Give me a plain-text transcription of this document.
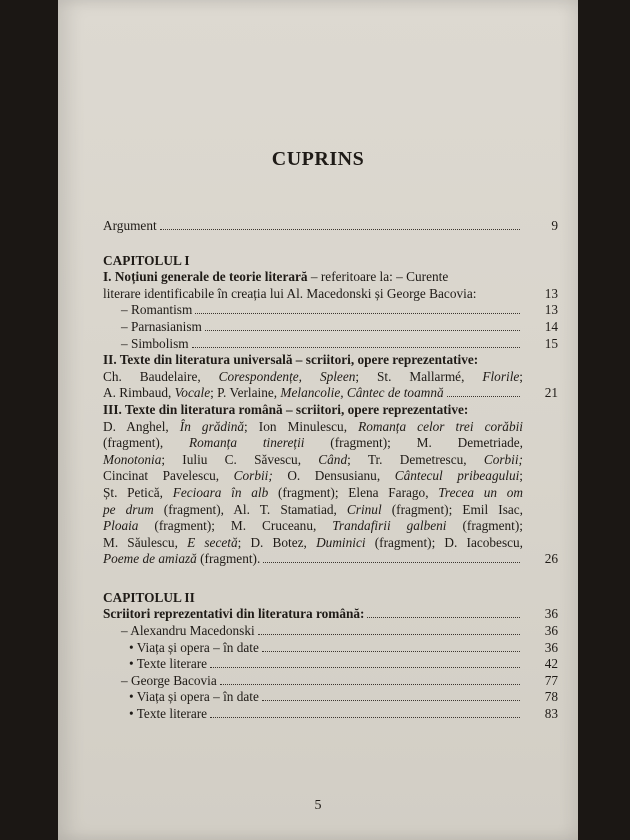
CUPRINS
Argument	9
CAPITOLUL I
I. Noțiuni generale de teorie literară – referitoare la: – Curente
literare identificabile în creația lui Al. Macedonski și George Bacovia:	13
– Romantism	13
– Parnasianism	14
– Simbolism	15
II. Texte din literatura universală – scriitori, opere reprezentative:
Ch. Baudelaire, Corespondențe, Spleen; St. Mallarmé, Florile;
A. Rimbaud, Vocale; P. Verlaine, Melancolie, Cântec de toamnă	21
III. Texte din literatura română – scriitori, opere reprezentative:
D. Anghel, În grădină; Ion Minulescu, Romanța celor trei corăbii
(fragment), Romanța tinereții (fragment); M. Demetriade,
Monotonia; Iuliu C. Săvescu, Când; Tr. Demetrescu, Corbii;
Cincinat Pavelescu, Corbii; O. Densusianu, Cântecul pribeagului;
Șt. Petică, Fecioara în alb (fragment); Elena Farago, Trecea un om
pe drum (fragment), Al. T. Stamatiad, Crinul (fragment); Emil Isac,
Ploaia (fragment); M. Cruceanu, Trandafirii galbeni (fragment);
M. Săulescu, E secetă; D. Botez, Duminici (fragment); D. Iacobescu,
Poeme de amiază (fragment).	26
CAPITOLUL II
Scriitori reprezentativi din literatura română:	36
– Alexandru Macedonski	36
• Viața și opera – în date	36
• Texte literare	42
– George Bacovia	77
• Viața și opera – în date	78
• Texte literare	83
5
